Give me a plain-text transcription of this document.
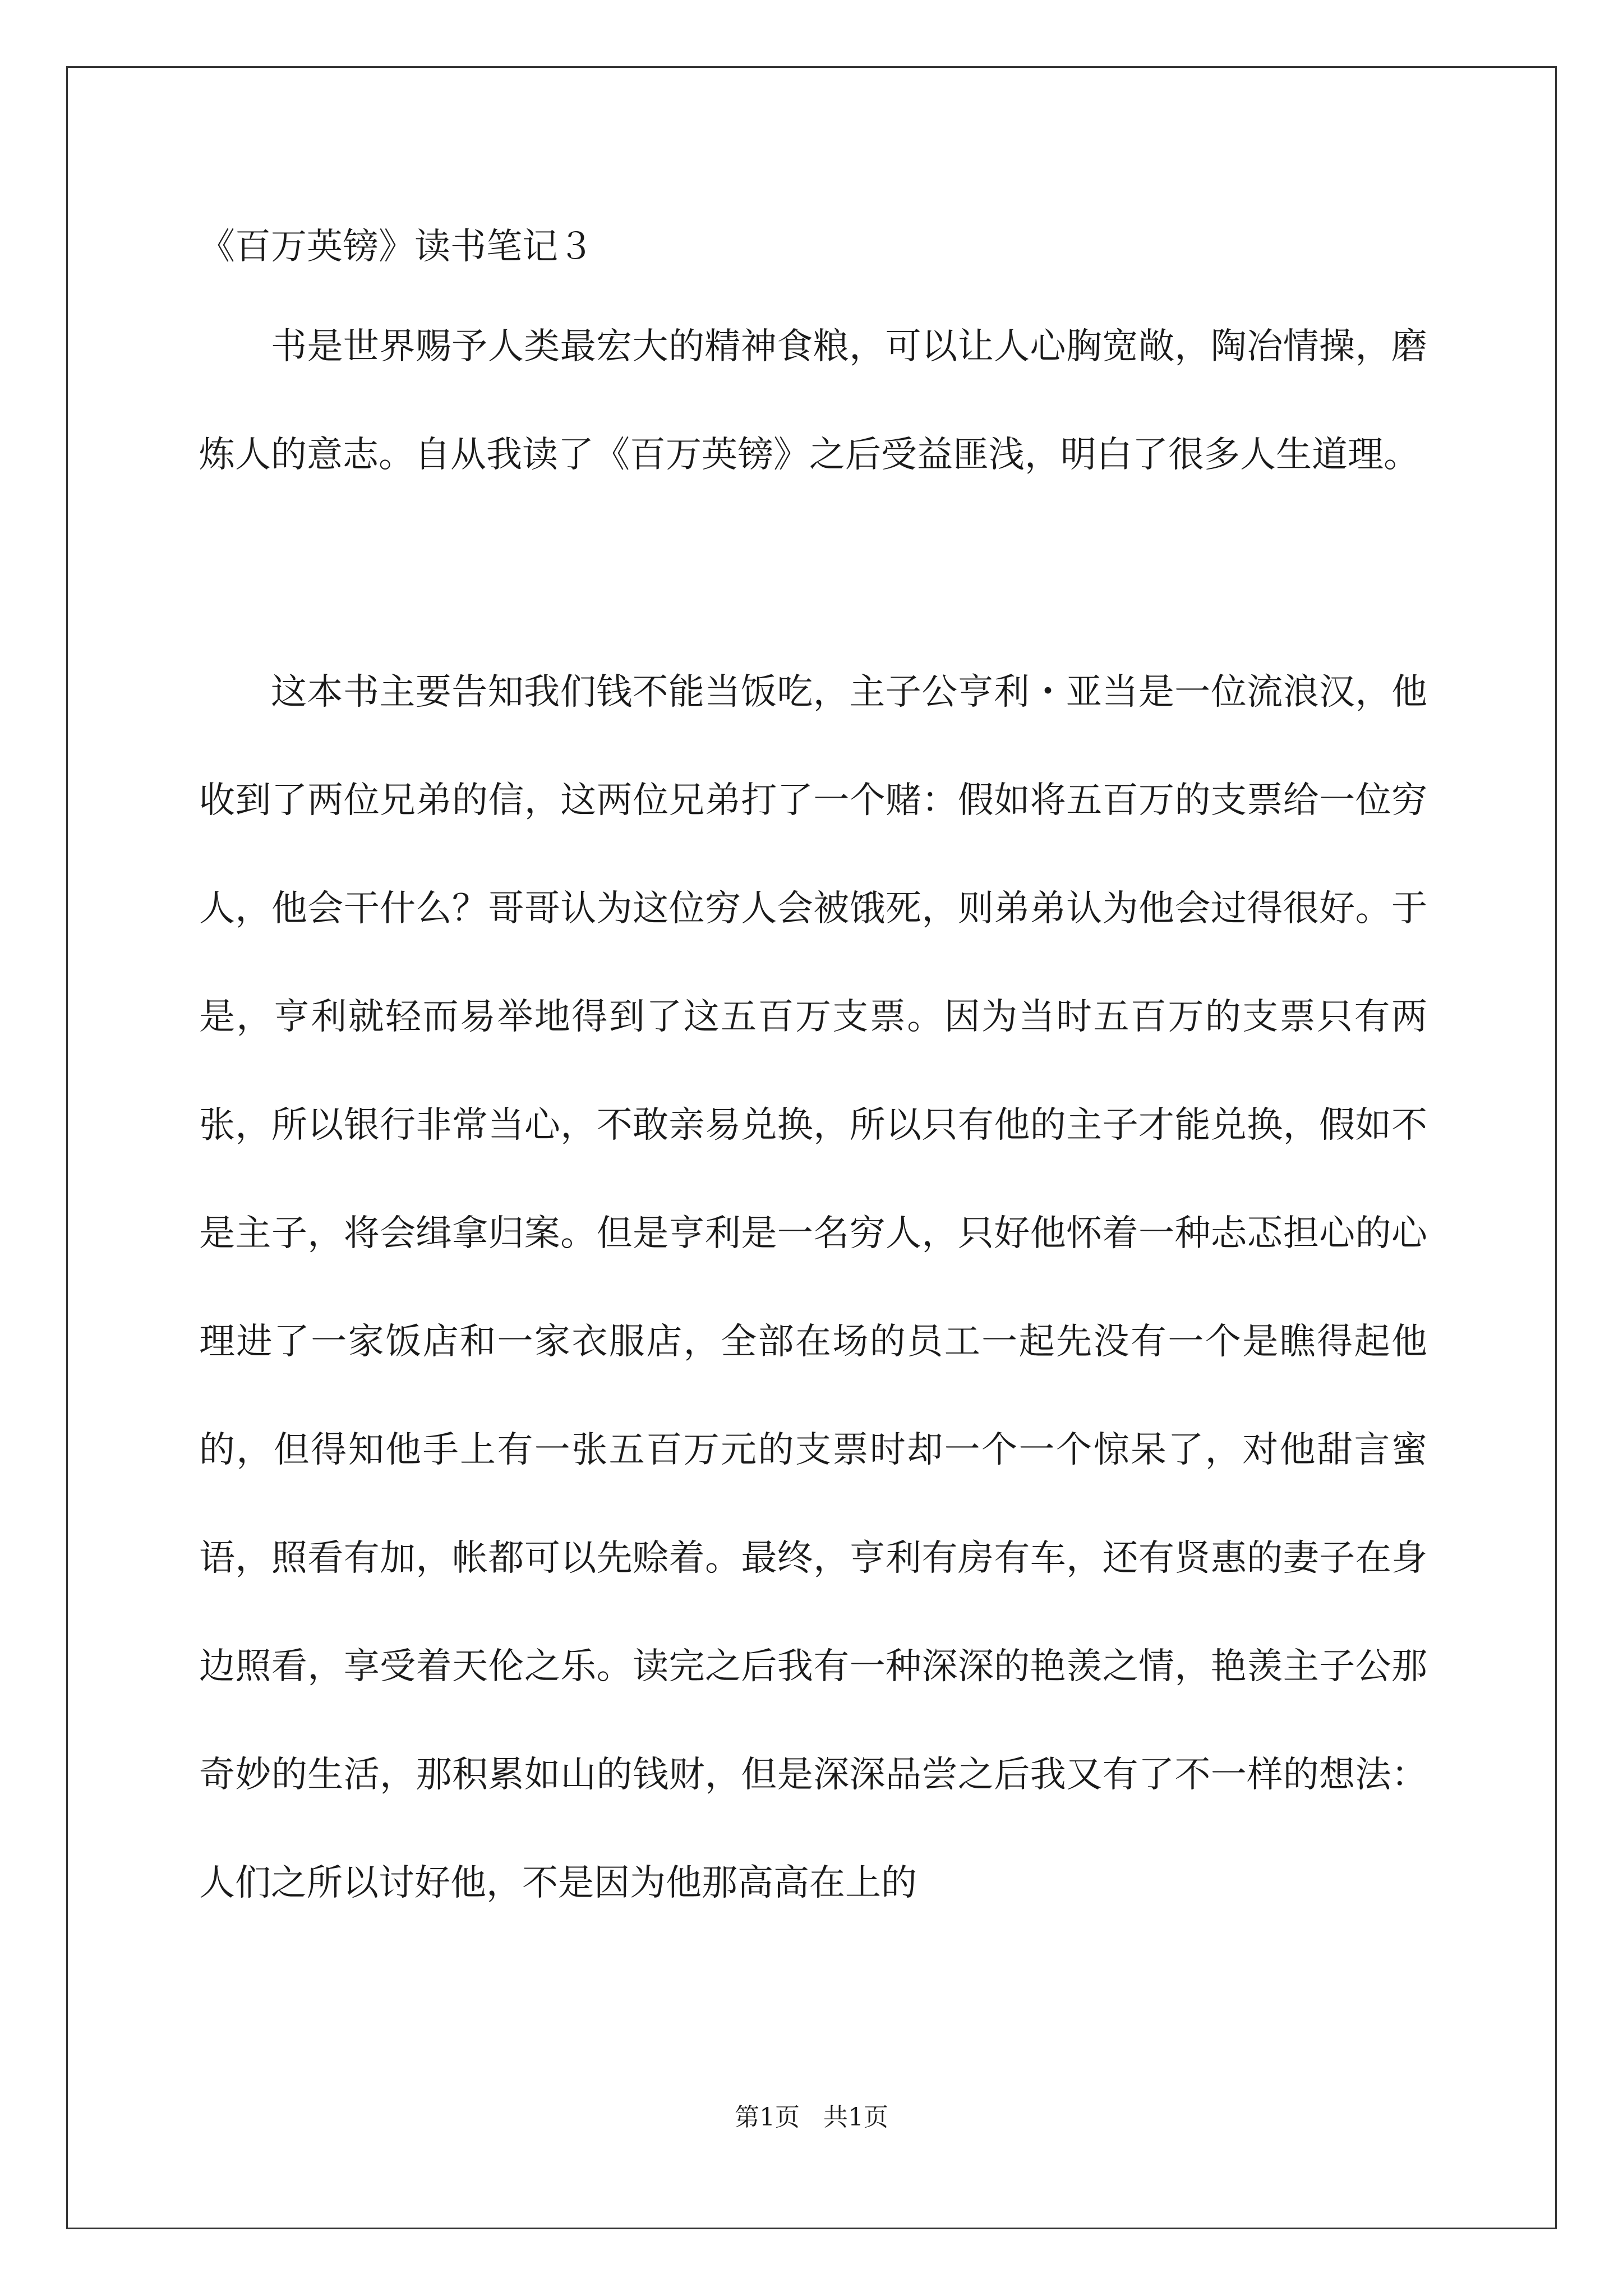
《百万英镑》读书笔记３

书是世界赐予人类最宏大的精神食粮，可以让人心胸宽敞，陶冶情操，磨炼人的意志。自从我读了《百万英镑》之后受益匪浅，明白了很多人生道理。

这本书主要告知我们钱不能当饭吃，主子公亨利・亚当是一位流浪汉，他收到了两位兄弟的信，这两位兄弟打了一个赌：假如将五百万的支票给一位穷人，他会干什么？哥哥认为这位穷人会被饿死，则弟弟认为他会过得很好。于是，亨利就轻而易举地得到了这五百万支票。因为当时五百万的支票只有两张，所以银行非常当心，不敢亲易兑换，所以只有他的主子才能兑换，假如不是主子，将会缉拿归案。但是亨利是一名穷人，只好他怀着一种忐忑担心的心理进了一家饭店和一家衣服店，全部在场的员工一起先没有一个是瞧得起他的，但得知他手上有一张五百万元的支票时却一个一个惊呆了，对他甜言蜜语，照看有加，帐都可以先赊着。最终，亨利有房有车，还有贤惠的妻子在身边照看，享受着天伦之乐。读完之后我有一种深深的艳羡之情，艳羡主子公那奇妙的生活，那积累如山的钱财，但是深深品尝之后我又有了不一样的想法：人们之所以讨好他，不是因为他那高高在上的

第1页   共1页
